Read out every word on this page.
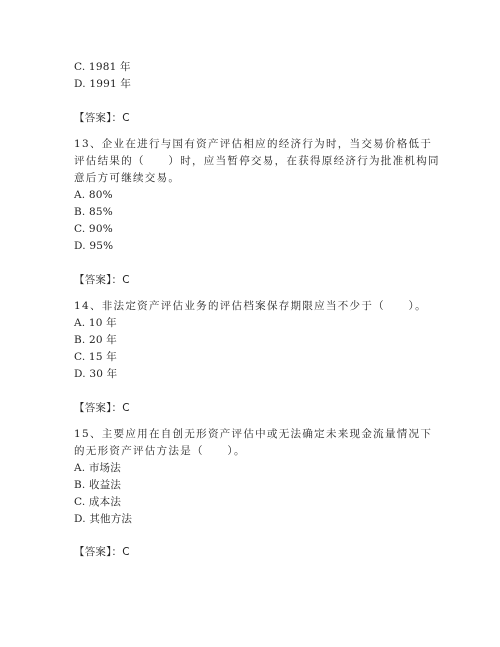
C. 1981 年
D. 1991 年
【答案】：C
13、企业在进行与国有资产评估相应的经济行为时，当交易价格低于
评估结果的（　　）时，应当暂停交易，在获得原经济行为批准机构同
意后方可继续交易。
A. 80%
B. 85%
C. 90%
D. 95%
【答案】：C
14、非法定资产评估业务的评估档案保存期限应当不少于（　　）。
A. 10 年
B. 20 年
C. 15 年
D. 30 年
【答案】：C
15、主要应用在自创无形资产评估中或无法确定未来现金流量情况下
的无形资产评估方法是（　　）。
A. 市场法
B. 收益法
C. 成本法
D. 其他方法
【答案】：C
